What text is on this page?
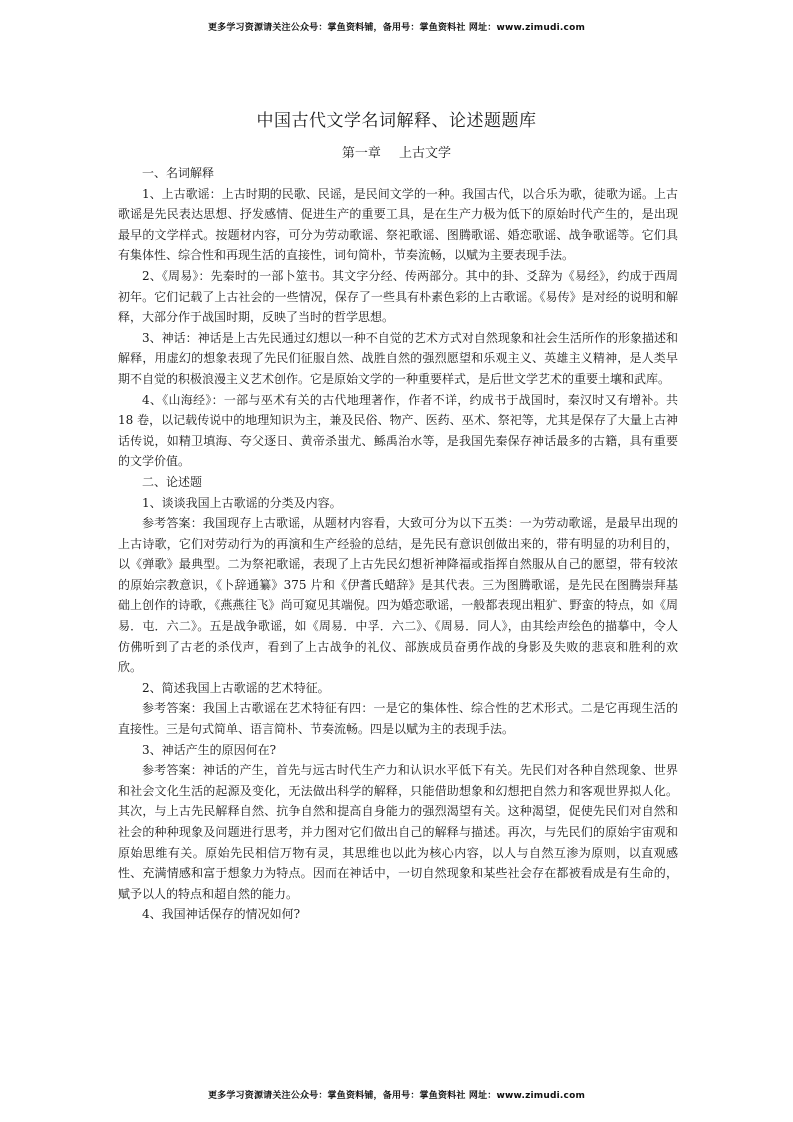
更多学习资源请关注公众号：掌鱼资料铺，备用号：掌鱼资料社 网址：www.zimudi.com
中国古代文学名词解释、论述题题库
第一章 上古文学

一、名词解释

1、上古歌谣：上古时期的民歌、民谣，是民间文学的一种。我国古代，以合乐为歌，徒歌为谣。上古歌谣是先民表达思想、抒发感情、促进生产的重要工具，是在生产力极为低下的原始时代产生的，是出现最早的文学样式。按题材内容，可分为劳动歌谣、祭祀歌谣、图腾歌谣、婚恋歌谣、战争歌谣等。它们具有集体性、综合性和再现生活的直接性，词句简朴，节奏流畅，以赋为主要表现手法。

2、《周易》：先秦时的一部卜筮书。其文字分经、传两部分。其中的卦、爻辞为《易经》，约成于西周初年。它们记载了上古社会的一些情况，保存了一些具有朴素色彩的上古歌谣。《易传》是对经的说明和解释，大部分作于战国时期，反映了当时的哲学思想。

3、神话：神话是上古先民通过幻想以一种不自觉的艺术方式对自然现象和社会生活所作的形象描述和解释，用虚幻的想象表现了先民们征服自然、战胜自然的强烈愿望和乐观主义、英雄主义精神，是人类早期不自觉的积极浪漫主义艺术创作。它是原始文学的一种重要样式，是后世文学艺术的重要土壤和武库。

4、《山海经》：一部与巫术有关的古代地理著作，作者不详，约成书于战国时，秦汉时又有增补。共 18 卷，以记载传说中的地理知识为主，兼及民俗、物产、医药、巫术、祭祀等，尤其是保存了大量上古神话传说，如精卫填海、夸父逐日、黄帝杀蚩尤、鲧禹治水等，是我国先秦保存神话最多的古籍，具有重要的文学价值。

二、论述题

1、谈谈我国上古歌谣的分类及内容。

参考答案：我国现存上古歌谣，从题材内容看，大致可分为以下五类：一为劳动歌谣，是最早出现的上古诗歌，它们对劳动行为的再演和生产经验的总结，是先民有意识创做出来的，带有明显的功利目的，以《弹歌》最典型。二为祭祀歌谣，表现了上古先民幻想祈神降福或指挥自然服从自己的愿望，带有较浓的原始宗教意识，《卜辞通纂》375 片和《伊耆氏蜡辞》是其代表。三为图腾歌谣，是先民在图腾崇拜基础上创作的诗歌，《燕燕往飞》尚可窥见其端倪。四为婚恋歌谣，一般都表现出粗犷、野蛮的特点，如《周易．屯．六二》。五是战争歌谣，如《周易．中孚．六二》、《周易．同人》，由其绘声绘色的描摹中，令人仿佛听到了古老的杀伐声，看到了上古战争的礼仪、部族成员奋勇作战的身影及失败的悲哀和胜利的欢欣。

2、简述我国上古歌谣的艺术特征。

参考答案：我国上古歌谣在艺术特征有四：一是它的集体性、综合性的艺术形式。二是它再现生活的直接性。三是句式简单、语言简朴、节奏流畅。四是以赋为主的表现手法。

3、神话产生的原因何在?

参考答案：神话的产生，首先与远古时代生产力和认识水平低下有关。先民们对各种自然现象、世界和社会文化生活的起源及变化，无法做出科学的解释，只能借助想象和幻想把自然力和客观世界拟人化。其次，与上古先民解释自然、抗争自然和提高自身能力的强烈渴望有关。这种渴望，促使先民们对自然和社会的种种现象及问题进行思考，并力图对它们做出自己的解释与描述。再次，与先民们的原始宇宙观和原始思维有关。原始先民相信万物有灵，其思维也以此为核心内容，以人与自然互渗为原则，以直观感性、充满情感和富于想象力为特点。因而在神话中，一切自然现象和某些社会存在都被看成是有生命的，赋予以人的特点和超自然的能力。

4、我国神话保存的情况如何?

更多学习资源请关注公众号：掌鱼资料铺，备用号：掌鱼资料社 网址：www.zimudi.com
